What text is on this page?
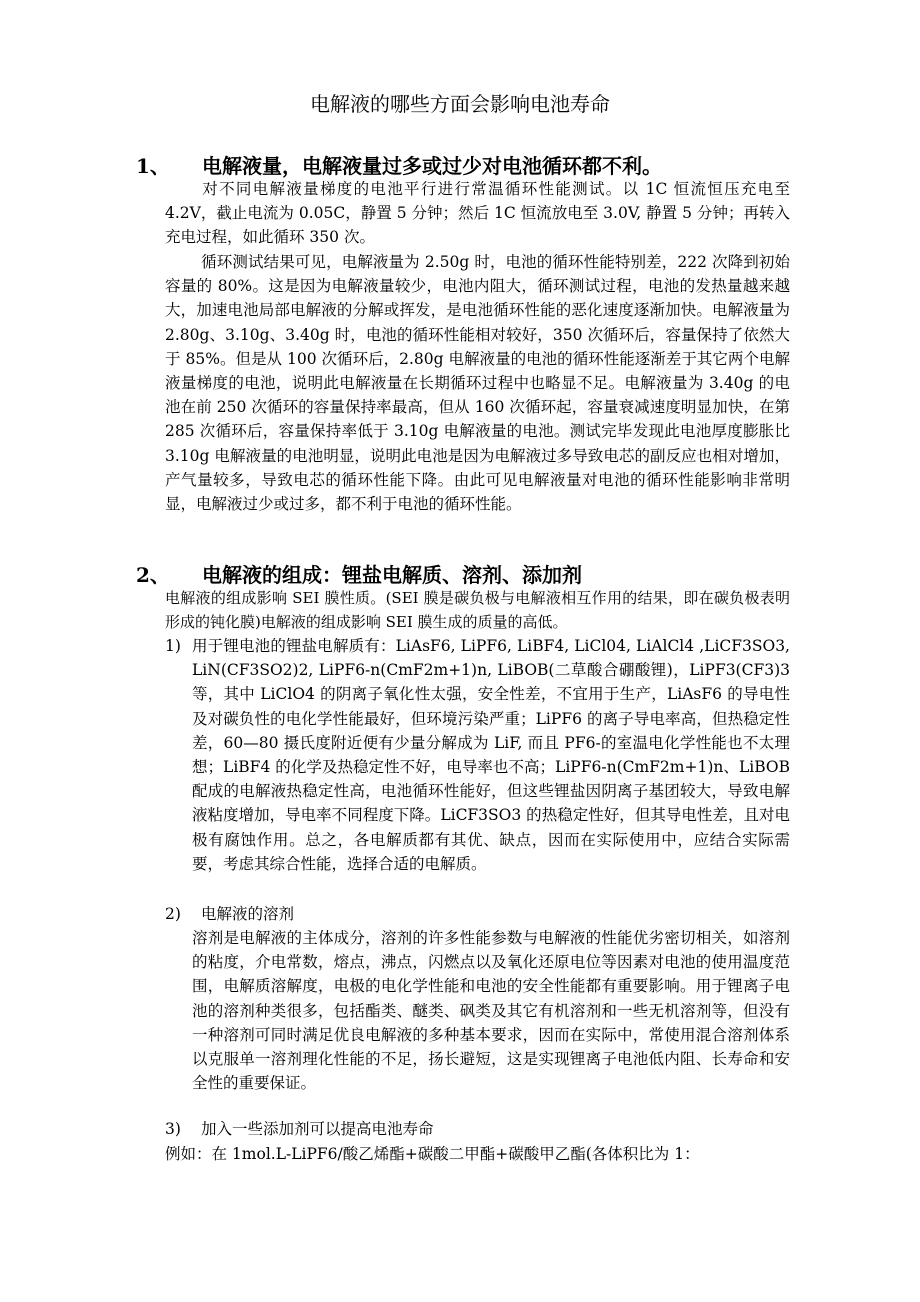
电解液的哪些方面会影响电池寿命
1、 电解液量，电解液量过多或过少对电池循环都不利。
对不同电解液量梯度的电池平行进行常温循环性能测试。以 1C 恒流恒压充电至 4.2V，截止电流为 0.05C，静置 5 分钟；然后 1C 恒流放电至 3.0V, 静置 5 分钟；再转入充电过程，如此循环 350 次。
循环测试结果可见，电解液量为 2.50g 时，电池的循环性能特别差，222 次降到初始容量的 80%。这是因为电解液量较少，电池内阻大，循环测试过程，电池的发热量越来越大，加速电池局部电解液的分解或挥发，是电池循环性能的恶化速度逐渐加快。电解液量为 2.80g、3.10g、3.40g 时，电池的循环性能相对较好，350 次循环后，容量保持了依然大于 85%。但是从 100 次循环后，2.80g 电解液量的电池的循环性能逐渐差于其它两个电解液量梯度的电池，说明此电解液量在长期循环过程中也略显不足。电解液量为 3.40g 的电池在前 250 次循环的容量保持率最高，但从 160 次循环起，容量衰减速度明显加快，在第 285 次循环后，容量保持率低于 3.10g 电解液量的电池。测试完毕发现此电池厚度膨胀比 3.10g 电解液量的电池明显，说明此电池是因为电解液过多导致电芯的副反应也相对增加，产气量较多，导致电芯的循环性能下降。由此可见电解液量对电池的循环性能影响非常明显，电解液过少或过多，都不利于电池的循环性能。
2、 电解液的组成：锂盐电解质、溶剂、添加剂
电解液的组成影响 SEI 膜性质。(SEI 膜是碳负极与电解液相互作用的结果，即在碳负极表明形成的钝化膜)电解液的组成影响 SEI 膜生成的质量的高低。
1) 用于锂电池的锂盐电解质有：LiAsF6, LiPF6, LiBF4, LiCl04, LiAlCl4 ,LiCF3SO3, LiN(CF3SO2)2, LiPF6-n(CmF2m+1)n, LiBOB(二草酸合硼酸锂)，LiPF3(CF3)3 等，其中 LiClO4 的阴离子氧化性太强，安全性差，不宜用于生产，LiAsF6 的导电性及对碳负性的电化学性能最好，但环境污染严重；LiPF6 的离子导电率高，但热稳定性差，60—80 摄氏度附近便有少量分解成为 LiF, 而且 PF6-的室温电化学性能也不太理想；LiBF4 的化学及热稳定性不好，电导率也不高；LiPF6-n(CmF2m+1)n、LiBOB 配成的电解液热稳定性高，电池循环性能好，但这些锂盐因阴离子基团较大，导致电解液粘度增加，导电率不同程度下降。LiCF3SO3 的热稳定性好，但其导电性差，且对电极有腐蚀作用。总之，各电解质都有其优、缺点，因而在实际使用中，应结合实际需要，考虑其综合性能，选择合适的电解质。
2)	电解液的溶剂
溶剂是电解液的主体成分，溶剂的许多性能参数与电解液的性能优劣密切相关，如溶剂的粘度，介电常数，熔点，沸点，闪燃点以及氧化还原电位等因素对电池的使用温度范围，电解质溶解度，电极的电化学性能和电池的安全性能都有重要影响。用于锂离子电池的溶剂种类很多，包括酯类、醚类、砜类及其它有机溶剂和一些无机溶剂等，但没有一种溶剂可同时满足优良电解液的多种基本要求，因而在实际中，常使用混合溶剂体系以克服单一溶剂理化性能的不足，扬长避短，这是实现锂离子电池低内阻、长寿命和安全性的重要保证。
3)	加入一些添加剂可以提高电池寿命
例如：在 1mol.L-LiPF6/酸乙烯酯+碳酸二甲酯+碳酸甲乙酯(各体积比为 1：
